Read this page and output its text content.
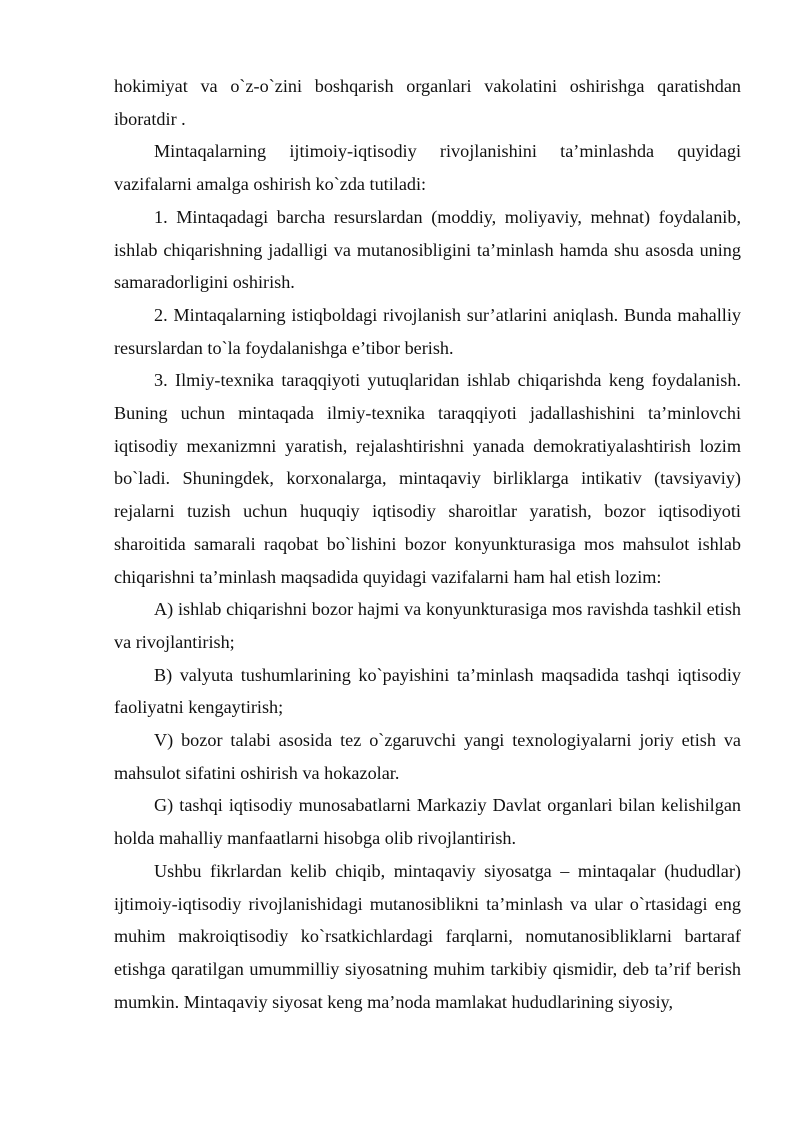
hokimiyat va o`z-o`zini boshqarish organlari vakolatini oshirishga qaratishdan iboratdir .

Mintaqalarning ijtimoiy-iqtisodiy rivojlanishini ta’minlashda quyidagi vazifalarni amalga oshirish ko`zda tutiladi:

1. Mintaqadagi barcha resurslardan (moddiy, moliyaviy, mehnat) foydalanib, ishlab chiqarishning jadalligi va mutanosibligini ta’minlash hamda shu asosda uning samaradorligini oshirish.

2. Mintaqalarning istiqboldagi rivojlanish sur’atlarini aniqlash. Bunda mahalliy resurslardan to`la foydalanishga e’tibor berish.

3. Ilmiy-texnika taraqqiyoti yutuqlaridan ishlab chiqarishda keng foydalanish. Buning uchun mintaqada ilmiy-texnika taraqqiyoti jadallashishini ta’minlovchi iqtisodiy mexanizmni yaratish, rejalashtirishni yanada demokratiyalashtirish lozim bo`ladi. Shuningdek, korxonalarga, mintaqaviy birliklarga intikativ (tavsiyaviy) rejalarni tuzish uchun huquqiy iqtisodiy sharoitlar yaratish, bozor iqtisodiyoti sharoitida samarali raqobat bo`lishini bozor konyunkturasiga mos mahsulot ishlab chiqarishni ta’minlash maqsadida quyidagi vazifalarni ham hal etish lozim:

A) ishlab chiqarishni bozor hajmi va konyunkturasiga mos ravishda tashkil etish va rivojlantirish;

B) valyuta tushumlarining ko`payishini ta’minlash maqsadida tashqi iqtisodiy faoliyatni kengaytirish;

V) bozor talabi asosida tez o`zgaruvchi yangi texnologiyalarni joriy etish va mahsulot sifatini oshirish va hokazolar.

G) tashqi iqtisodiy munosabatlarni Markaziy Davlat organlari bilan kelishilgan holda mahalliy manfaatlarni hisobga olib rivojlantirish.

Ushbu fikrlardan kelib chiqib, mintaqaviy siyosatga – mintaqalar (hududlar) ijtimoiy-iqtisodiy rivojlanishidagi mutanosiblikni ta’minlash va ular o`rtasidagi eng muhim makroiqtisodiy ko`rsatkichlardagi farqlarni, nomutanosibliklarni bartaraf etishga qaratilgan umummilliy siyosatning muhim tarkibiy qismidir, deb ta’rif berish mumkin. Mintaqaviy siyosat keng ma’noda mamlakat hududlarining siyosiy,
